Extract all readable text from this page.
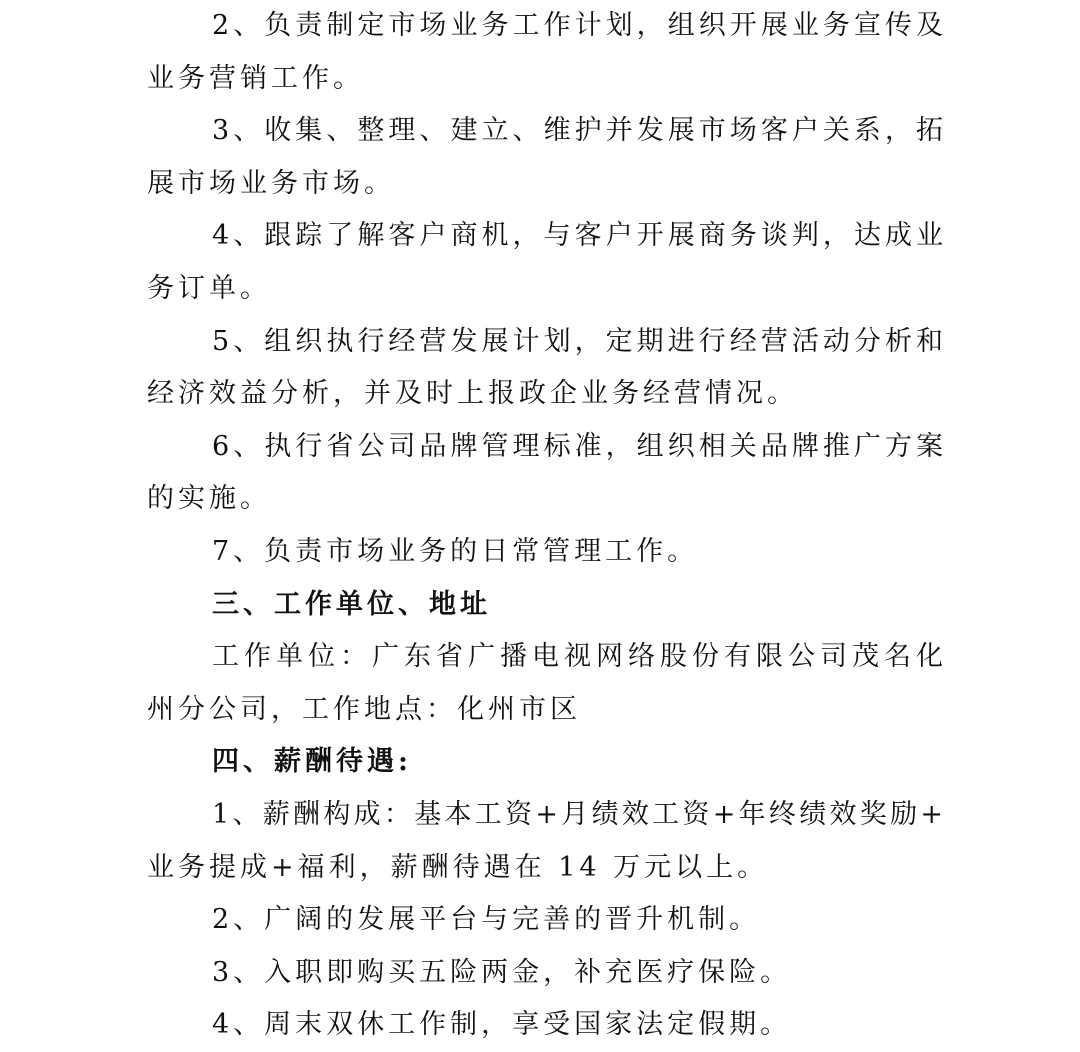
2、负责制定市场业务工作计划，组织开展业务宣传及
业务营销工作。
3、收集、整理、建立、维护并发展市场客户关系，拓
展市场业务市场。
4、跟踪了解客户商机，与客户开展商务谈判，达成业
务订单。
5、组织执行经营发展计划，定期进行经营活动分析和
经济效益分析，并及时上报政企业务经营情况。
6、执行省公司品牌管理标准，组织相关品牌推广方案
的实施。
7、负责市场业务的日常管理工作。
三、工作单位、地址
工作单位：广东省广播电视网络股份有限公司茂名化
州分公司，工作地点：化州市区
四、薪酬待遇:
1、薪酬构成：基本工资+月绩效工资+年终绩效奖励+
业务提成+福利，薪酬待遇在 14 万元以上。
2、广阔的发展平台与完善的晋升机制。
3、入职即购买五险两金，补充医疗保险。
4、周末双休工作制，享受国家法定假期。
